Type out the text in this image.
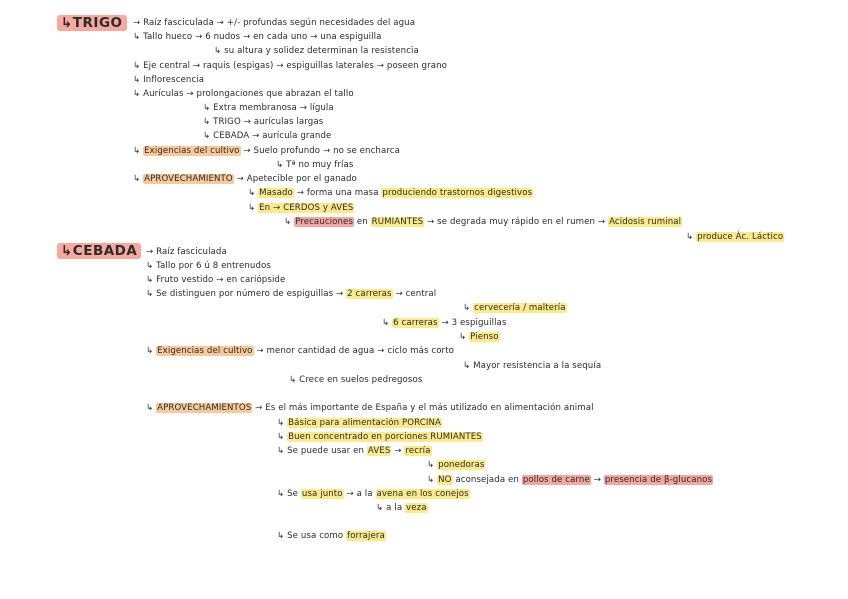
↳TRIGO	→ Raíz fasciculada → +/- profundas según necesidades del agua
↳ Tallo hueco → 6 nudos → en cada uno → una espiguilla
↳ su altura y solidez determinan la resistencia
↳ Eje central → raquis (espigas) → espiguillas laterales → poseen grano
↳ Inflorescencia
↳ Aurículas → prolongaciones que abrazan el tallo
↳ Extra membranosa → lígula
↳ TRIGO → aurículas largas
↳ CEBADA → aurícula grande
↳ Exigencias del cultivo → Suelo profundo → no se encharca
↳ Tª no muy frías
↳ APROVECHAMIENTO → Apetecible por el ganado
↳ Masado → forma una masa produciendo trastornos digestivos
↳ En → CERDOS y AVES
↳ Precauciones en RUMIANTES → se degrada muy rápido en el rumen → Acidosis ruminal
↳ produce Ác. Láctico
↳CEBADA	→ Raíz fasciculada
↳ Tallo por 6 ú 8 entrenudos
↳ Fruto vestido → en cariópside
↳ Se distinguen por número de espiguillas → 2 carreras → central
↳ cervecería / maltería
↳ 6 carreras → 3 espiguillas
↳ Pienso
↳ Exigencias del cultivo → menor cantidad de agua → ciclo más corto
↳ Mayor resistencia a la sequía
↳ Crece en suelos pedregosos
↳ APROVECHAMIENTOS → Es el más importante de España y el más utilizado en alimentación animal
↳ Básica para alimentación PORCINA
↳ Buen concentrado en porciones RUMIANTES
↳ Se puede usar en AVES → recría
↳ ponedoras
↳ NO aconsejada en pollos de carne → presencia de β-glucanos
↳ Se usa junto → a la avena en los conejos
↳ a la veza
↳ Se usa como forrajera
